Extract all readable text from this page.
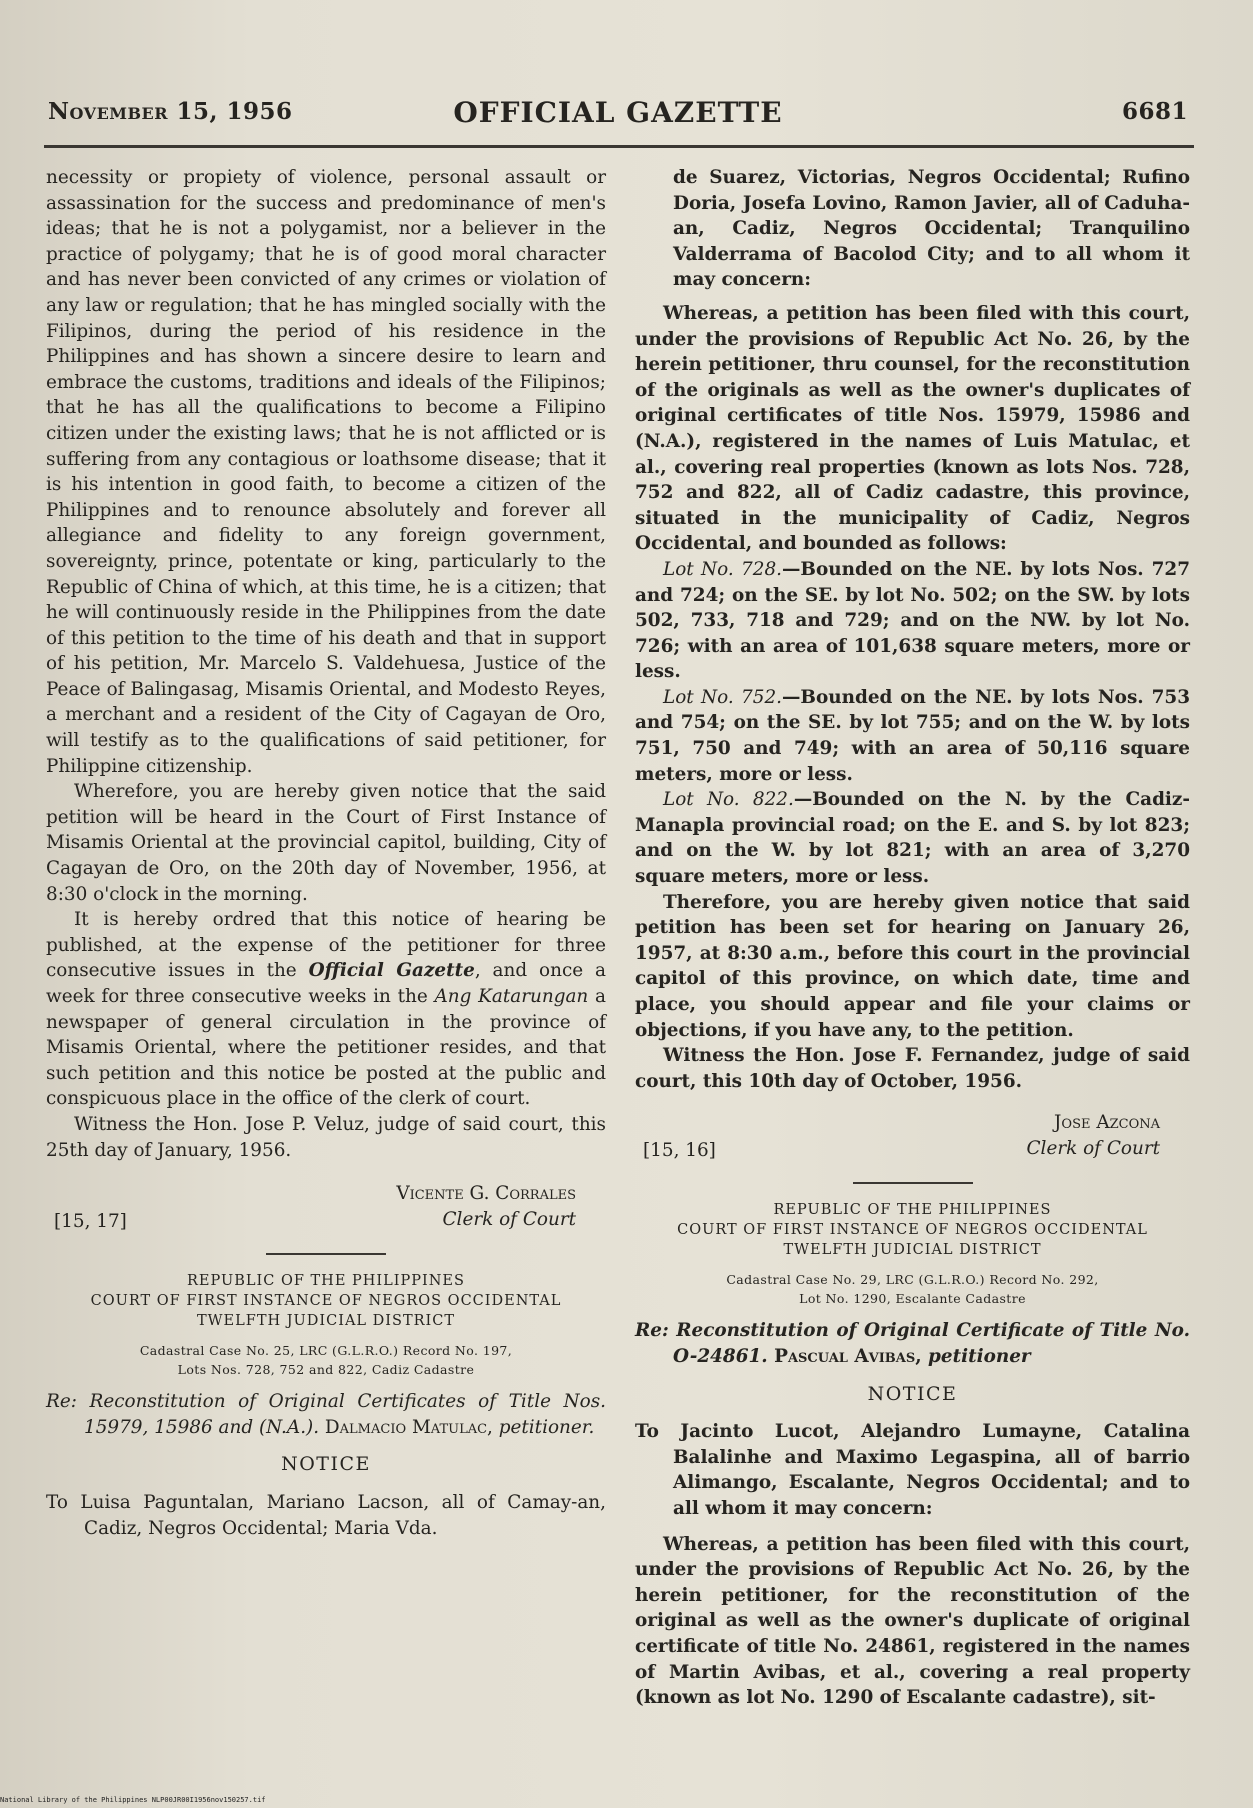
November 15, 1956	OFFICIAL GAZETTE	6681

necessity or propiety of violence, personal assault or assassination for the success and predominance of men's ideas; that he is not a polygamist, nor a believer in the practice of polygamy; that he is of good moral character and has never been convicted of any crimes or violation of any law or regulation; that he has mingled socially with the Filipinos, during the period of his residence in the Philippines and has shown a sincere desire to learn and embrace the customs, traditions and ideals of the Filipinos; that he has all the qualifications to become a Filipino citizen under the existing laws; that he is not afflicted or is suffering from any contagious or loathsome disease; that it is his intention in good faith, to become a citizen of the Philippines and to renounce absolutely and forever all allegiance and fidelity to any foreign government, sovereignty, prince, potentate or king, particularly to the Republic of China of which, at this time, he is a citizen; that he will continuously reside in the Philippines from the date of this petition to the time of his death and that in support of his petition, Mr. Marcelo S. Valdehuesa, Justice of the Peace of Balingasag, Misamis Oriental, and Modesto Reyes, a merchant and a resident of the City of Cagayan de Oro, will testify as to the qualifications of said petitioner, for Philippine citizenship.

Wherefore, you are hereby given notice that the said petition will be heard in the Court of First Instance of Misamis Oriental at the provincial capitol, building, City of Cagayan de Oro, on the 20th day of November, 1956, at 8:30 o'clock in the morning.

It is hereby ordred that this notice of hearing be published, at the expense of the petitioner for three consecutive issues in the Official Gazette, and once a week for three consecutive weeks in the Ang Katarungan a newspaper of general circulation in the province of Misamis Oriental, where the petitioner resides, and that such petition and this notice be posted at the public and conspicuous place in the office of the clerk of court.

Witness the Hon. Jose P. Veluz, judge of said court, this 25th day of January, 1956.

Vicente G. Corrales
Clerk of Court
[15, 17]
REPUBLIC OF THE PHILIPPINES
COURT OF FIRST INSTANCE OF NEGROS OCCIDENTAL
TWELFTH JUDICIAL DISTRICT
Cadastral Case No. 25, LRC (G.L.R.O.) Record No. 197,
Lots Nos. 728, 752 and 822, Cadiz Cadastre

Re: Reconstitution of Original Certificates of Title Nos. 15979, 15986 and (N.A.). Dalmacio Matulac, petitioner.

NOTICE

To Luisa Paguntalan, Mariano Lacson, all of Camay-an, Cadiz, Negros Occidental; Maria Vda.

de Suarez, Victorias, Negros Occidental; Rufino Doria, Josefa Lovino, Ramon Javier, all of Caduha-an, Cadiz, Negros Occidental; Tranquilino Valderrama of Bacolod City; and to all whom it may concern:

Whereas, a petition has been filed with this court, under the provisions of Republic Act No. 26, by the herein petitioner, thru counsel, for the reconstitution of the originals as well as the owner's duplicates of original certificates of title Nos. 15979, 15986 and (N.A.), registered in the names of Luis Matulac, et al., covering real properties (known as lots Nos. 728, 752 and 822, all of Cadiz cadastre, this province, situated in the municipality of Cadiz, Negros Occidental, and bounded as follows:

Lot No. 728.—Bounded on the NE. by lots Nos. 727 and 724; on the SE. by lot No. 502; on the SW. by lots 502, 733, 718 and 729; and on the NW. by lot No. 726; with an area of 101,638 square meters, more or less.

Lot No. 752.—Bounded on the NE. by lots Nos. 753 and 754; on the SE. by lot 755; and on the W. by lots 751, 750 and 749; with an area of 50,116 square meters, more or less.

Lot No. 822.—Bounded on the N. by the Cadiz-Manapla provincial road; on the E. and S. by lot 823; and on the W. by lot 821; with an area of 3,270 square meters, more or less.

Therefore, you are hereby given notice that said petition has been set for hearing on January 26, 1957, at 8:30 a.m., before this court in the provincial capitol of this province, on which date, time and place, you should appear and file your claims or objections, if you have any, to the petition.

Witness the Hon. Jose F. Fernandez, judge of said court, this 10th day of October, 1956.

Jose Azcona
Clerk of Court
[15, 16]
REPUBLIC OF THE PHILIPPINES
COURT OF FIRST INSTANCE OF NEGROS OCCIDENTAL
TWELFTH JUDICIAL DISTRICT
Cadastral Case No. 29, LRC (G.L.R.O.) Record No. 292,
Lot No. 1290, Escalante Cadastre

Re: Reconstitution of Original Certificate of Title No. O-24861. Pascual Avibas, petitioner

NOTICE

To Jacinto Lucot, Alejandro Lumayne, Catalina Balalinhe and Maximo Legaspina, all of barrio Alimango, Escalante, Negros Occidental; and to all whom it may concern:

Whereas, a petition has been filed with this court, under the provisions of Republic Act No. 26, by the herein petitioner, for the reconstitution of the original as well as the owner's duplicate of original certificate of title No. 24861, registered in the names of Martin Avibas, et al., covering a real property (known as lot No. 1290 of Escalante cadastre), sit-

National Library of the Philippines NLP00JR00I1956nov150257.tif
